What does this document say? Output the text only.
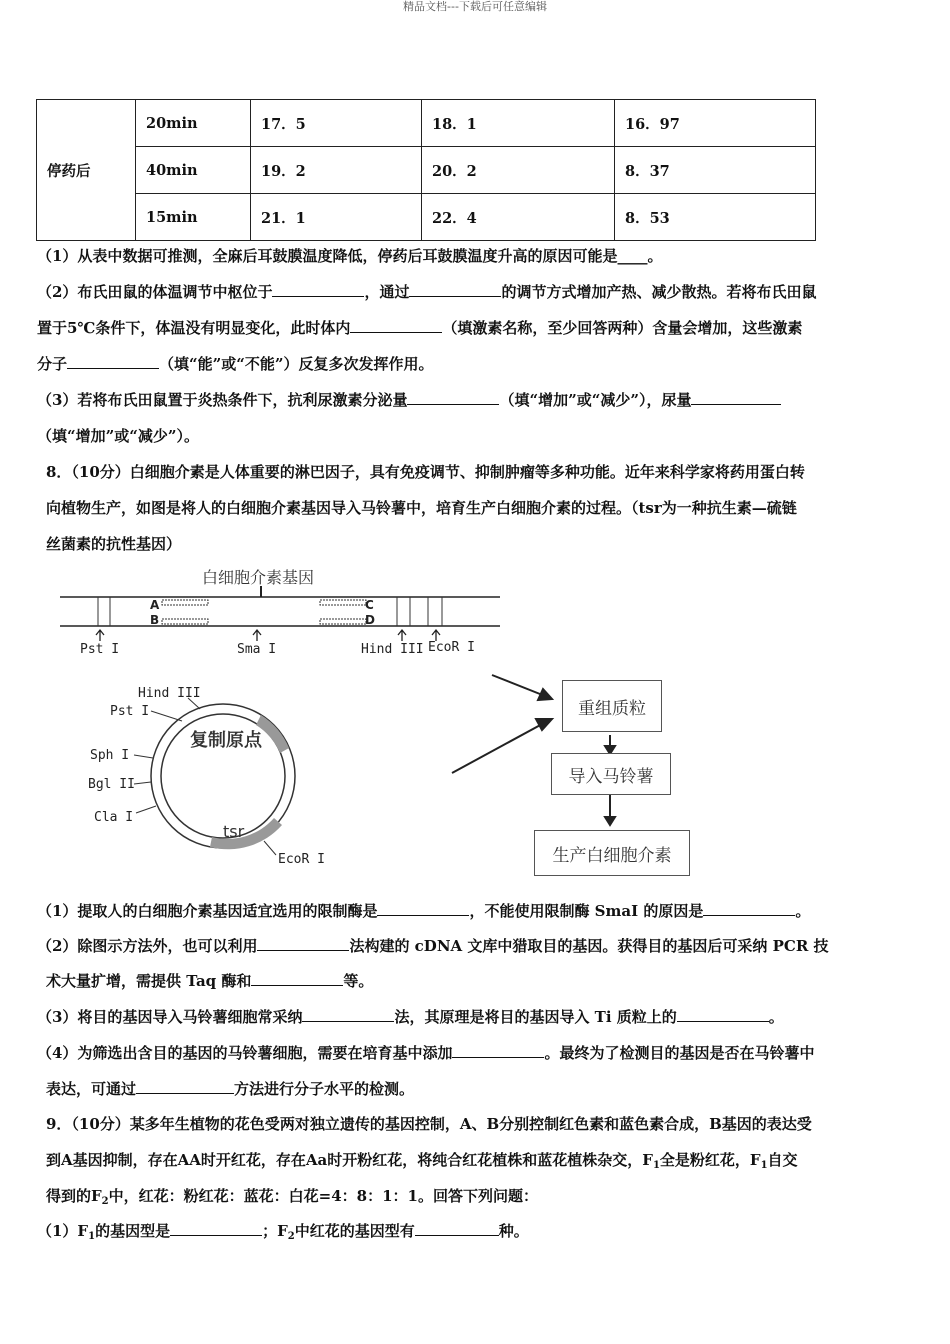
精品文档---下载后可任意编辑
停药后	20min	17．5	18．1	16．97
	40min	19．2	20．2	8．37
	15min	21．1	22．4	8．53
（1）从表中数据可推测，全麻后耳鼓膜温度降低，停药后耳鼓膜温度升高的原因可能是____。
（2）布氏田鼠的体温调节中枢位于	，通过	的调节方式增加产热、减少散热。若将布氏田鼠
置于5℃条件下，体温没有明显变化，此时体内	（填激素名称，至少回答两种）含量会增加，这些激素
分子	（填“能”或“不能”）反复多次发挥作用。
（3）若将布氏田鼠置于炎热条件下，抗利尿激素分泌量	（填“增加”或“减少”），尿量
（填“增加”或“减少”）。
8．（10分）白细胞介素是人体重要的淋巴因子，具有免疫调节、抑制肿瘤等多种功能。近年来科学家将药用蛋白转
向植物生产，如图是将人的白细胞介素基因导入马铃薯中，培育生产白细胞介素的过程。（tsr为一种抗生素—硫链
丝菌素的抗性基因）
白细胞介素基因
A
B
C
D
Pst I	Sma I	Hind III EcoR I
复制原点
tsr
Hind III
Pst I
Sph I
Bgl II
Cla I
EcoR I
重组质粒
导入马铃薯
生产白细胞介素
（1）提取人的白细胞介素基因适宜选用的限制酶是	，不能使用限制酶 SmaI 的原因是	。
（2）除图示方法外，也可以利用	法构建的 cDNA 文库中猎取目的基因。获得目的基因后可采纳 PCR 技
术大量扩增，需提供 Taq 酶和	等。
（3）将目的基因导入马铃薯细胞常采纳	法，其原理是将目的基因导入 Ti 质粒上的	。
（4）为筛选出含目的基因的马铃薯细胞，需要在培育基中添加	。最终为了检测目的基因是否在马铃薯中
表达，可通过	方法进行分子水平的检测。
9．（10分）某多年生植物的花色受两对独立遗传的基因控制，A、B分别控制红色素和蓝色素合成，B基因的表达受
到A基因抑制，存在AA时开红花，存在Aa时开粉红花，将纯合红花植株和蓝花植株杂交，$F_1$全是粉红花，$F_1$自交
得到的$F_2$中，红花：粉红花：蓝花：白花=4：8：1：1。回答下列问题：
$(1)F_1$的基因型是	；$F_2$中红花的基因型有	种。
